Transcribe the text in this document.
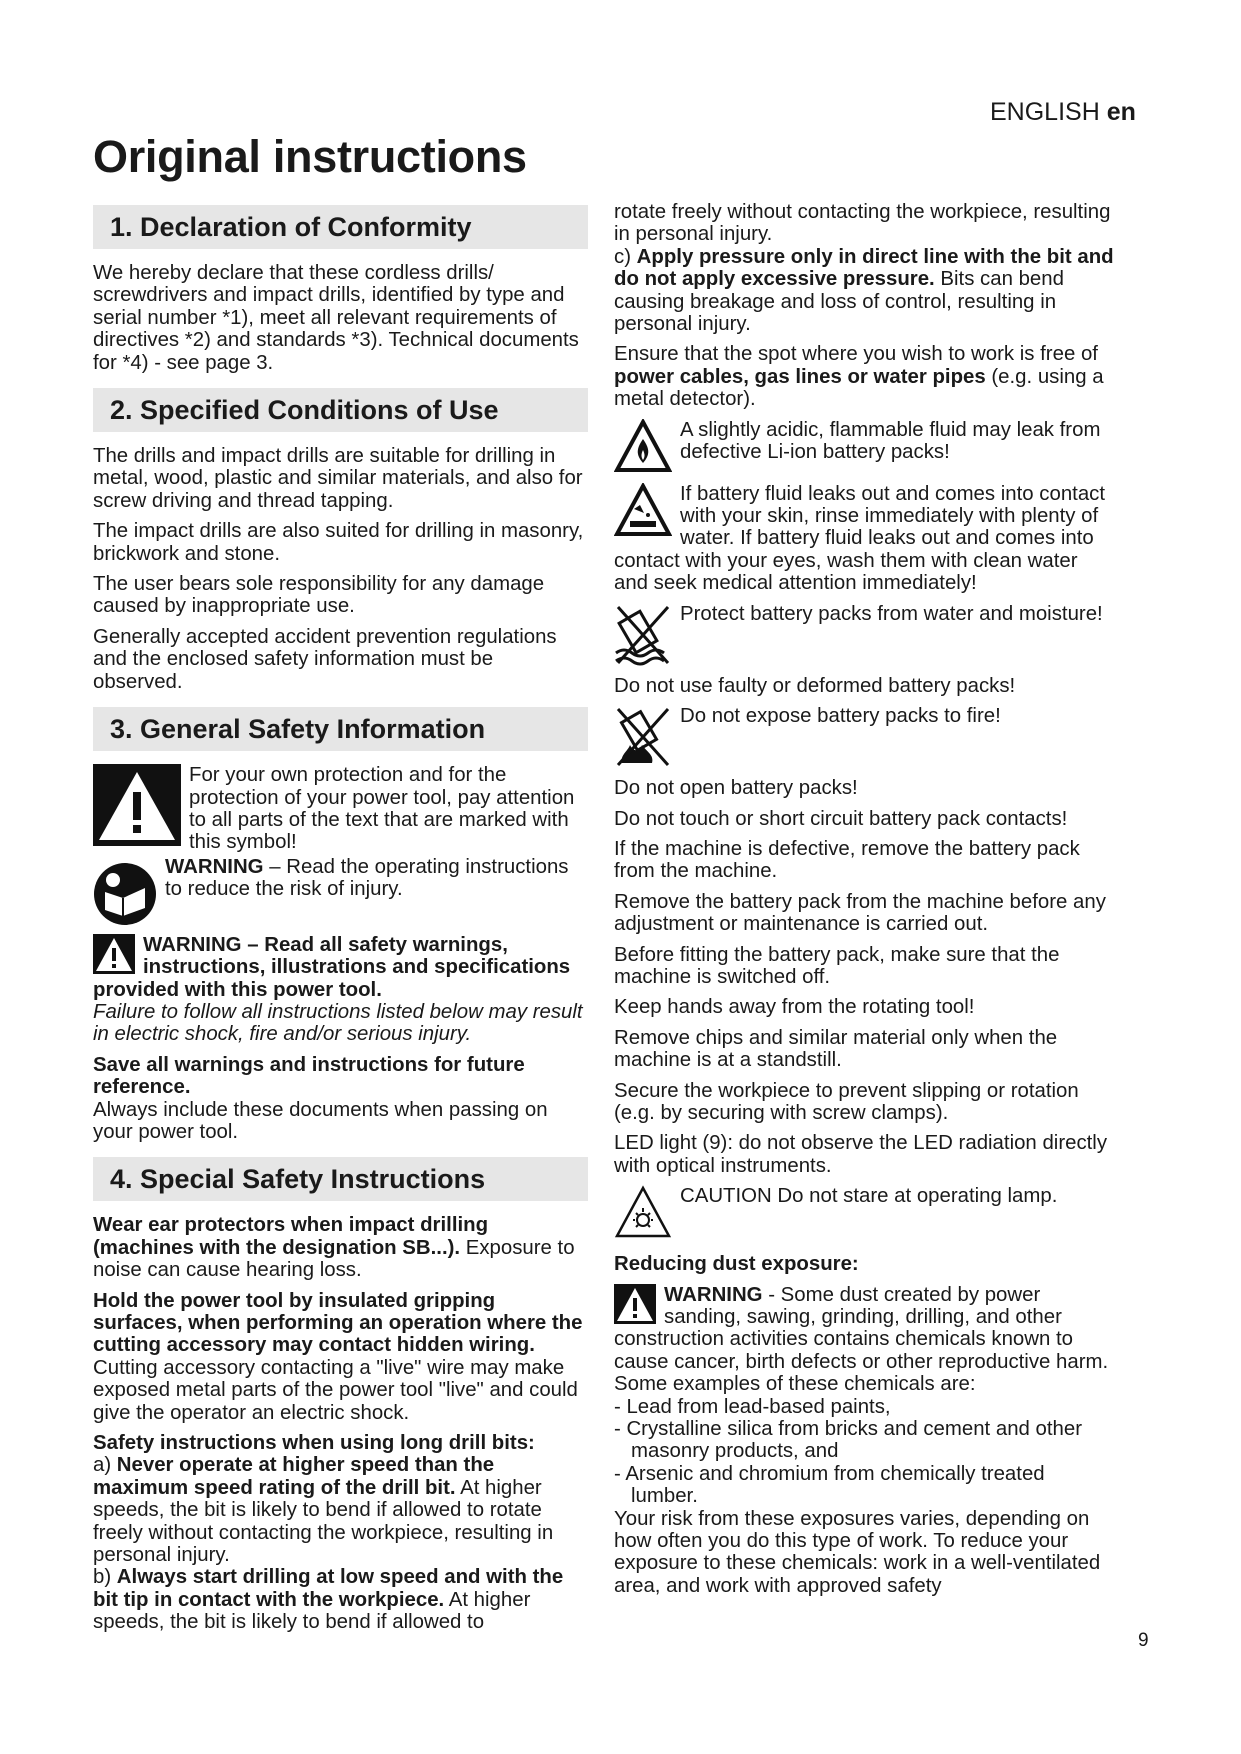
ENGLISH en
Original instructions
1. Declaration of Conformity

We hereby declare that these cordless drills/ screwdrivers and impact drills, identified by type and serial number *1), meet all relevant requirements of directives *2) and standards *3). Technical documents for *4) - see page 3.

2. Specified Conditions of Use

The drills and impact drills are suitable for drilling in metal, wood, plastic and similar materials, and also for screw driving and thread tapping.

The impact drills are also suited for drilling in masonry, brickwork and stone.

The user bears sole responsibility for any damage caused by inappropriate use.

Generally accepted accident prevention regulations and the enclosed safety information must be observed.

3. General Safety Information
For your own protection and for the protection of your power tool, pay attention to all parts of the text that are marked with this symbol!
WARNING – Read the operating instructions to reduce the risk of injury.

WARNING – Read all safety warnings, instructions, illustrations and specifications provided with this power tool.

Failure to follow all instructions listed below may result in electric shock, fire and/or serious injury.

Save all warnings and instructions for future reference.

Always include these documents when passing on your power tool.

4. Special Safety Instructions

Wear ear protectors when impact drilling (machines with the designation SB...). Exposure to noise can cause hearing loss.

Hold the power tool by insulated gripping surfaces, when performing an operation where the cutting accessory may contact hidden wiring. Cutting accessory contacting a "live" wire may make exposed metal parts of the power tool "live" and could give the operator an electric shock.

Safety instructions when using long drill bits:

a) Never operate at higher speed than the maximum speed rating of the drill bit. At higher speeds, the bit is likely to bend if allowed to rotate freely without contacting the workpiece, resulting in personal injury.

b) Always start drilling at low speed and with the bit tip in contact with the workpiece. At higher speeds, the bit is likely to bend if allowed to

rotate freely without contacting the workpiece, resulting in personal injury.

c) Apply pressure only in direct line with the bit and do not apply excessive pressure. Bits can bend causing breakage and loss of control, resulting in personal injury.

Ensure that the spot where you wish to work is free of power cables, gas lines or water pipes (e.g. using a metal detector).

A slightly acidic, flammable fluid may leak from defective Li-ion battery packs!

If battery fluid leaks out and comes into contact with your skin, rinse immediately with plenty of water. If battery fluid leaks out and comes into contact with your eyes, wash them with clean water and seek medical attention immediately!

Protect battery packs from water and moisture!

Do not use faulty or deformed battery packs!

Do not expose battery packs to fire!

Do not open battery packs!

Do not touch or short circuit battery pack contacts!

If the machine is defective, remove the battery pack from the machine.

Remove the battery pack from the machine before any adjustment or maintenance is carried out.

Before fitting the battery pack, make sure that the machine is switched off.

Keep hands away from the rotating tool!

Remove chips and similar material only when the machine is at a standstill.

Secure the workpiece to prevent slipping or rotation (e.g. by securing with screw clamps).

LED light (9): do not observe the LED radiation directly with optical instruments.

CAUTION Do not stare at operating lamp.

Reducing dust exposure:

WARNING - Some dust created by power sanding, sawing, grinding, drilling, and other construction activities contains chemicals known to cause cancer, birth defects or other reproductive harm. Some examples of these chemicals are:

- Lead from lead-based paints,
- Crystalline silica from bricks and cement and other masonry products, and
- Arsenic and chromium from chemically treated lumber.

Your risk from these exposures varies, depending on how often you do this type of work. To reduce your exposure to these chemicals: work in a well-ventilated area, and work with approved safety

9
